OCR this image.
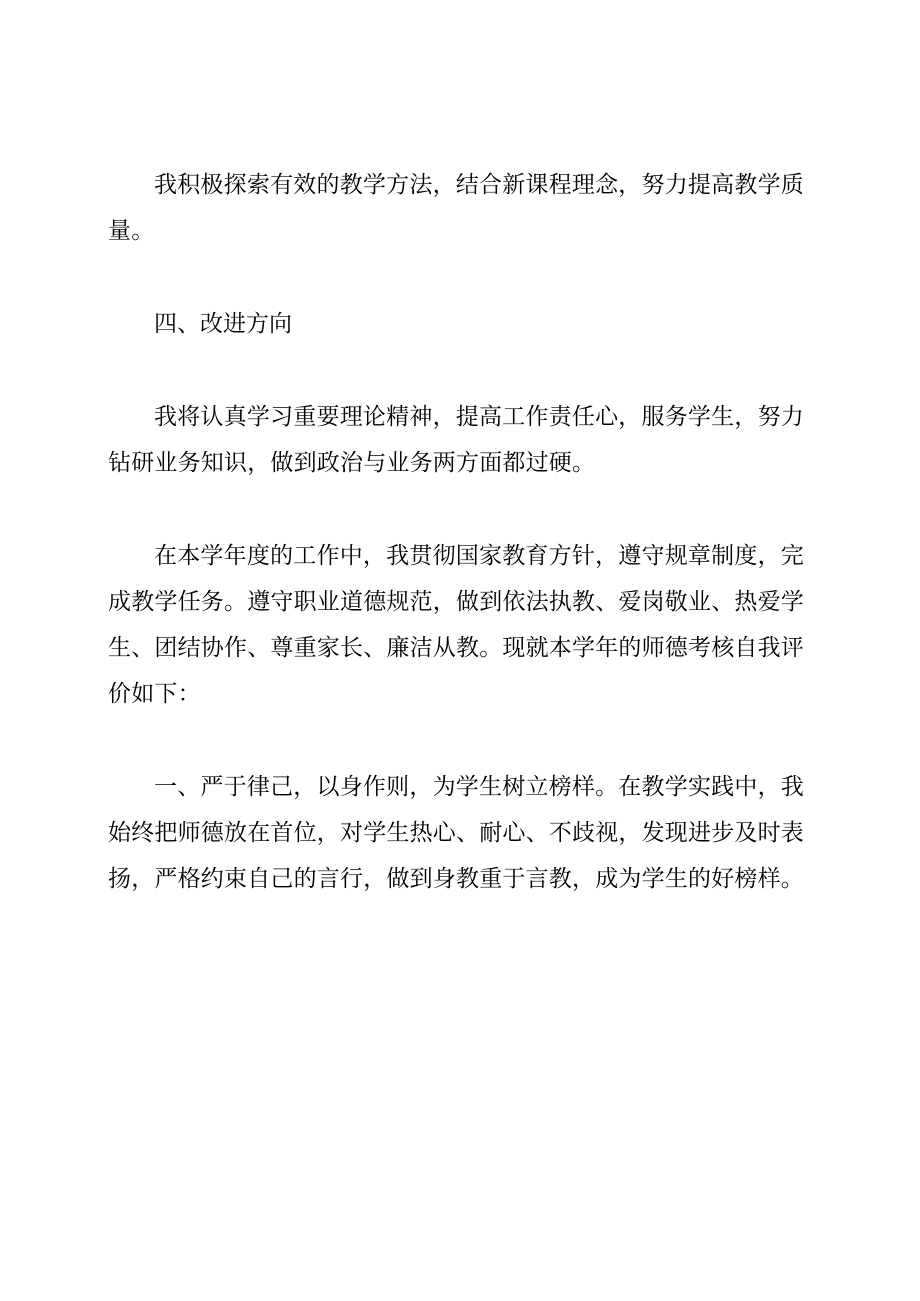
我积极探索有效的教学方法，结合新课程理念，努力提高教学质量。

四、改进方向

我将认真学习重要理论精神，提高工作责任心，服务学生，努力钻研业务知识，做到政治与业务两方面都过硬。

在本学年度的工作中，我贯彻国家教育方针，遵守规章制度，完成教学任务。遵守职业道德规范，做到依法执教、爱岗敬业、热爱学生、团结协作、尊重家长、廉洁从教。现就本学年的师德考核自我评价如下：

一、严于律己，以身作则，为学生树立榜样。在教学实践中，我始终把师德放在首位，对学生热心、耐心、不歧视，发现进步及时表扬，严格约束自己的言行，做到身教重于言教，成为学生的好榜样。
